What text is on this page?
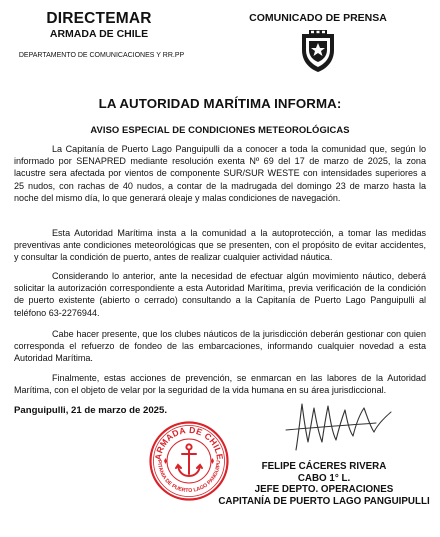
DIRECTEMAR
ARMADA DE CHILE
DEPARTAMENTO DE COMUNICACIONES Y RR.PP
COMUNICADO DE PRENSA
LA AUTORIDAD MARÍTIMA INFORMA:
AVISO ESPECIAL DE CONDICIONES METEOROLÓGICAS
La Capitanía de Puerto Lago Panguipulli da a conocer a toda la comunidad que, según lo informado por SENAPRED mediante resolución exenta Nº 69 del 17 de marzo de 2025, la zona lacustre sera afectada por vientos de componente SUR/SUR WESTE con intensidades superiores a 25 nudos, con rachas de 40 nudos, a contar de la madrugada del domingo 23 de marzo hasta la noche del mismo día, lo que generará oleaje y malas condiciones de navegación.
Esta Autoridad Marítima insta a la comunidad a la autoprotección, a tomar las medidas preventivas ante condiciones meteorológicas que se presenten, con el propósito de evitar accidentes, y consultar la condición de puerto, antes de realizar cualquier actividad náutica.
Considerando lo anterior, ante la necesidad de efectuar algún movimiento náutico, deberá solicitar la autorización correspondiente a esta Autoridad Marítima, previa verificación de la condición de puerto existente (abierto o cerrado) consultando a la Capitanía de Puerto Lago Panguipulli al teléfono 63-2276944.
Cabe hacer presente, que los clubes náuticos de la jurisdicción deberán gestionar con quien corresponda el refuerzo de fondeo de las embarcaciones, informando cualquier novedad a esta Autoridad Marítima.
Finalmente, estas acciones de prevención, se enmarcan en las labores de la Autoridad Marítima, con el objeto de velar por la seguridad de la vida humana en su área jurisdiccional.
Panguipulli, 21 de marzo de 2025.
FELIPE CÁCERES RIVERA
CABO 1° L.
JEFE DEPTO. OPERACIONES
CAPITANÍA DE PUERTO LAGO PANGUIPULLI
ARMADA DE CHILE
PITANIA DE PUERTO LAGO PANGUIPU
